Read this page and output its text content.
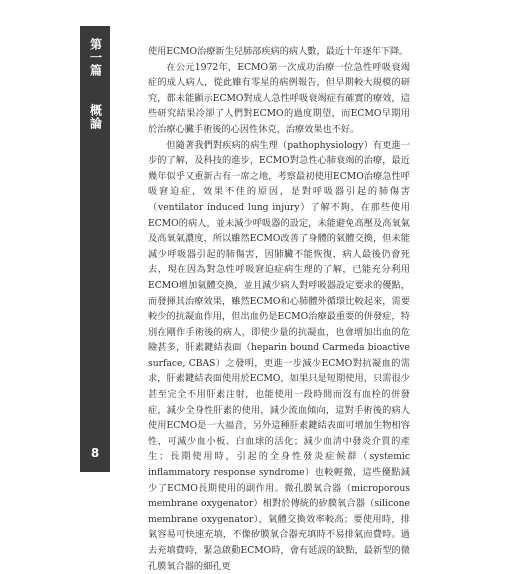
第一篇
概論
8

使用ECMO治療新生兒肺部疾病的病人數，最近十年逐年下降。

在公元1972年，ECMO第一次成功治療一位急性呼吸衰竭症的成人病人，從此雖有零星的病例報告，但早期較大規模的研究，都未能顯示ECMO對成人急性呼吸衰竭症有確實的療效，這些研究結果冷卻了人們對ECMO的過度期望，而ECMO早期用於治療心臟手術後的心因性休克，治療效果也不好。

但隨著我們對疾病的病生理（pathophysiology）有更進一步的了解，及科技的進步，ECMO對急性心肺衰竭的治療，最近幾年似乎又重新占有一席之地，考察最初使用ECMO治療急性呼吸窘迫症，效果不佳的原因，是對呼吸器引起的肺傷害（ventilator induced lung injury）了解不夠，在那些使用ECMO的病人，並未減少呼吸器的設定，未能避免高壓及高氧氣及高氧氣濃度，所以雖然ECMO改善了身體的氣體交換，但未能減少呼吸器引起的肺傷害，因肺臟不能恢復，病人最後仍會死去，現在因為對急性呼吸窘迫症病生理的了解，已能充分利用ECMO增加氣體交換，並且減少病人對呼吸器設定要求的優點，而發揮其治療效果，雖然ECMO和心肺體外循環比較起來，需要較少的抗凝血作用，但出血仍是ECMO治療最重要的併發症，特別在剛作手術後的病人，即使少量的抗凝血，也會增加出血的危險甚多，肝素鍵結表面（heparin bound Carmeda bioactive surface, CBAS）之發明，更進一步減少ECMO對抗凝血的需求，肝素鍵結表面使用於ECMO，如果只是短期使用，只需很少甚至完全不用肝素注射，也能使用一段時間而沒有血栓的併發症，減少全身性肝素的使用，減少流血傾向，這對手術後的病人使用ECMO是一大福音，另外這種肝素鍵結表面可增加生物相容性，可減少血小板、白血球的活化；減少血清中發炎介質的產生；長期使用時，引起的全身性發炎症候群（systemic inflammatory response syndrome）也較輕微，這些優點減少了ECMO長期使用的副作用。微孔膜氧合器（microporous membrane oxygenator）相對於傳統的矽膜氧合器（silicone membrane oxygenator），氣體交換效率較高；要使用時，排氣容易可快速充填，不像矽膜氧合器充填時不易排氣而費時。過去充填費時，緊急啟動ECMO時，會有延誤的缺點，最新型的微孔膜氧合器的細孔更
